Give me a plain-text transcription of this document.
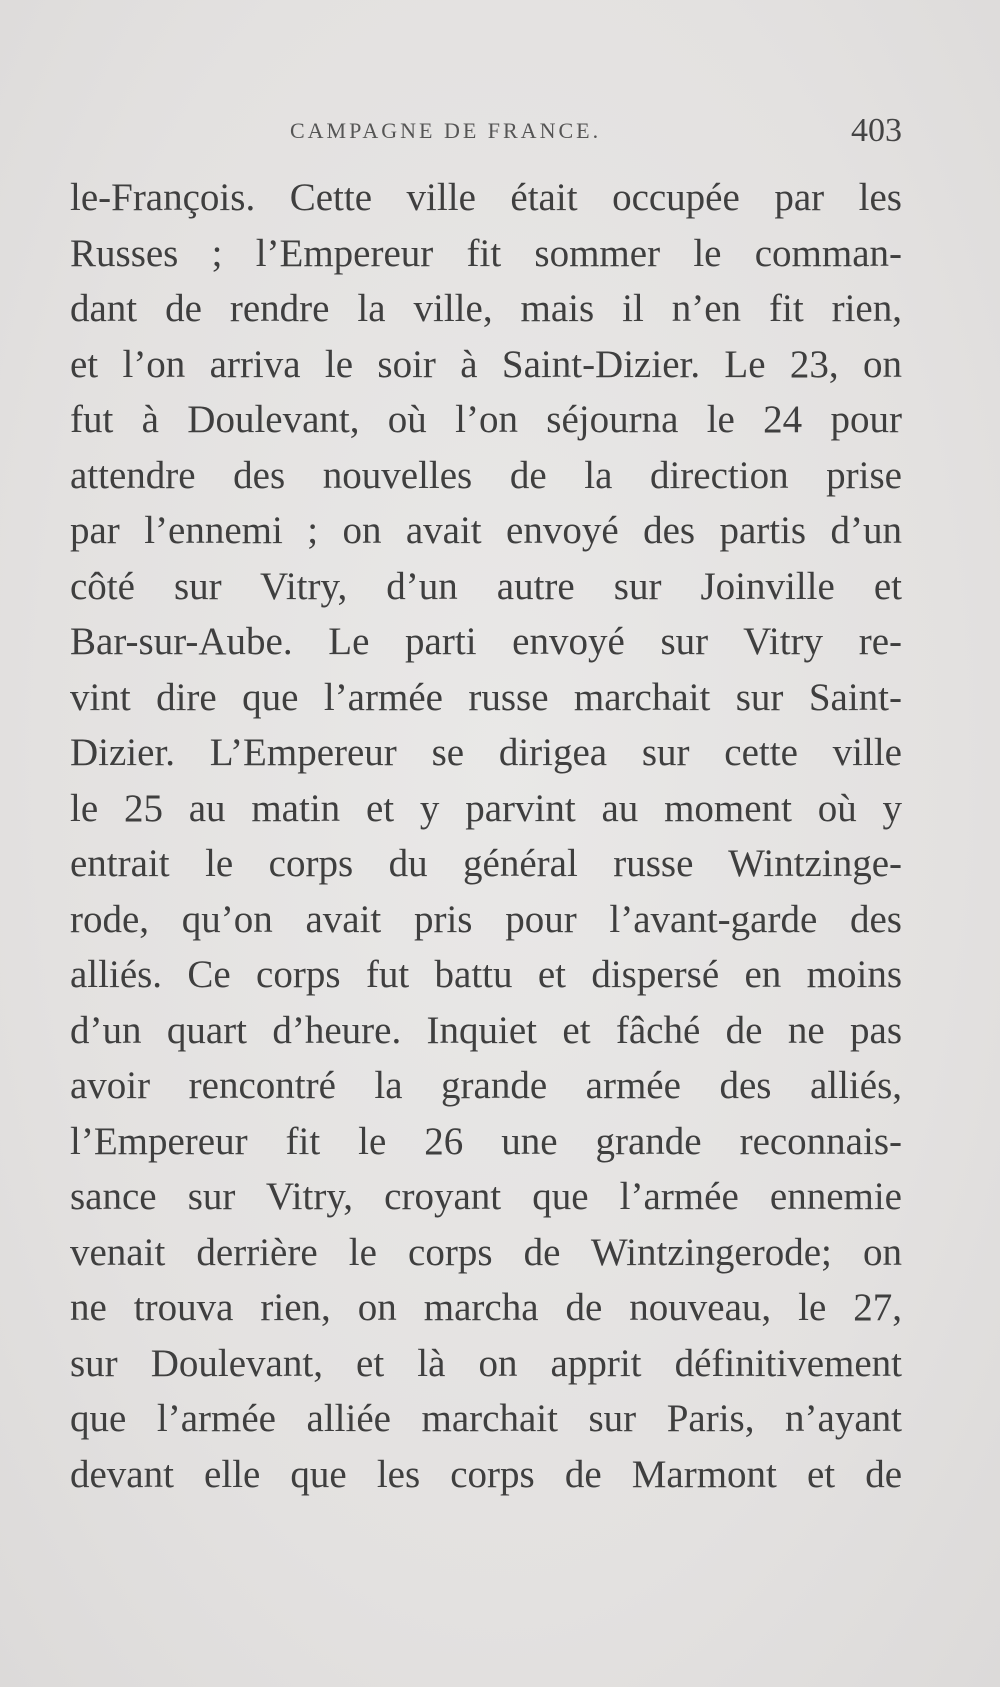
CAMPAGNE DE FRANCE.	403
le-François. Cette ville était occupée par les
Russes ; l’Empereur fit sommer le comman-
dant de rendre la ville, mais il n’en fit rien,
et l’on arriva le soir à Saint-Dizier. Le 23, on
fut à Doulevant, où l’on séjourna le 24 pour
attendre des nouvelles de la direction prise
par l’ennemi ; on avait envoyé des partis d’un
côté sur Vitry, d’un autre sur Joinville et
Bar-sur-Aube. Le parti envoyé sur Vitry re-
vint dire que l’armée russe marchait sur Saint-
Dizier. L’Empereur se dirigea sur cette ville
le 25 au matin et y parvint au moment où y
entrait le corps du général russe Wintzinge-
rode, qu’on avait pris pour l’avant-garde des
alliés. Ce corps fut battu et dispersé en moins
d’un quart d’heure. Inquiet et fâché de ne pas
avoir rencontré la grande armée des alliés,
l’Empereur fit le 26 une grande reconnais-
sance sur Vitry, croyant que l’armée ennemie
venait derrière le corps de Wintzingerode; on
ne trouva rien, on marcha de nouveau, le 27,
sur Doulevant, et là on apprit définitivement
que l’armée alliée marchait sur Paris, n’ayant
devant elle que les corps de Marmont et de
